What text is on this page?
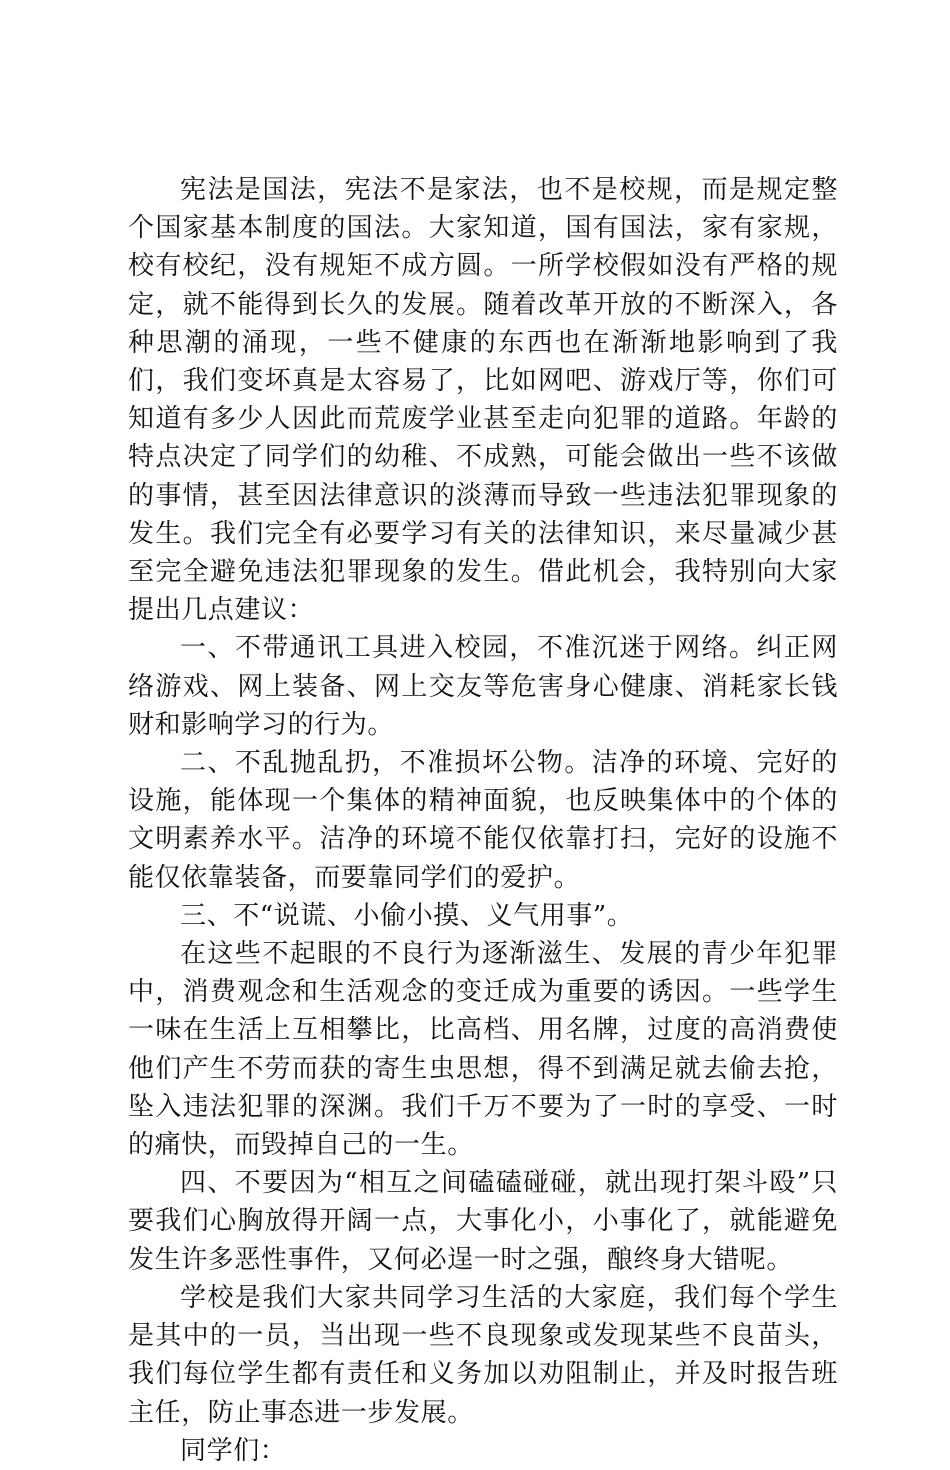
宪法是国法，宪法不是家法，也不是校规，而是规定整个国家基本制度的国法。大家知道，国有国法，家有家规，校有校纪，没有规矩不成方圆。一所学校假如没有严格的规定，就不能得到长久的发展。随着改革开放的不断深入，各种思潮的涌现，一些不健康的东西也在渐渐地影响到了我们，我们变坏真是太容易了，比如网吧、游戏厅等，你们可知道有多少人因此而荒废学业甚至走向犯罪的道路。年龄的特点决定了同学们的幼稚、不成熟，可能会做出一些不该做的事情，甚至因法律意识的淡薄而导致一些违法犯罪现象的发生。我们完全有必要学习有关的法律知识，来尽量减少甚至完全避免违法犯罪现象的发生。借此机会，我特别向大家提出几点建议：

一、不带通讯工具进入校园，不准沉迷于网络。纠正网络游戏、网上装备、网上交友等危害身心健康、消耗家长钱财和影响学习的行为。

二、不乱抛乱扔，不准损坏公物。洁净的环境、完好的设施，能体现一个集体的精神面貌，也反映集体中的个体的文明素养水平。洁净的环境不能仅依靠打扫，完好的设施不能仅依靠装备，而要靠同学们的爱护。

三、不“说谎、小偷小摸、义气用事”。

在这些不起眼的不良行为逐渐滋生、发展的青少年犯罪中，消费观念和生活观念的变迁成为重要的诱因。一些学生一味在生活上互相攀比，比高档、用名牌，过度的高消费使他们产生不劳而获的寄生虫思想，得不到满足就去偷去抢，坠入违法犯罪的深渊。我们千万不要为了一时的享受、一时的痛快，而毁掉自己的一生。

四、不要因为“相互之间磕磕碰碰，就出现打架斗殴”只要我们心胸放得开阔一点，大事化小，小事化了，就能避免发生许多恶性事件，又何必逞一时之强，酿终身大错呢。

学校是我们大家共同学习生活的大家庭，我们每个学生是其中的一员，当出现一些不良现象或发现某些不良苗头，我们每位学生都有责任和义务加以劝阻制止，并及时报告班主任，防止事态进一步发展。

同学们：
